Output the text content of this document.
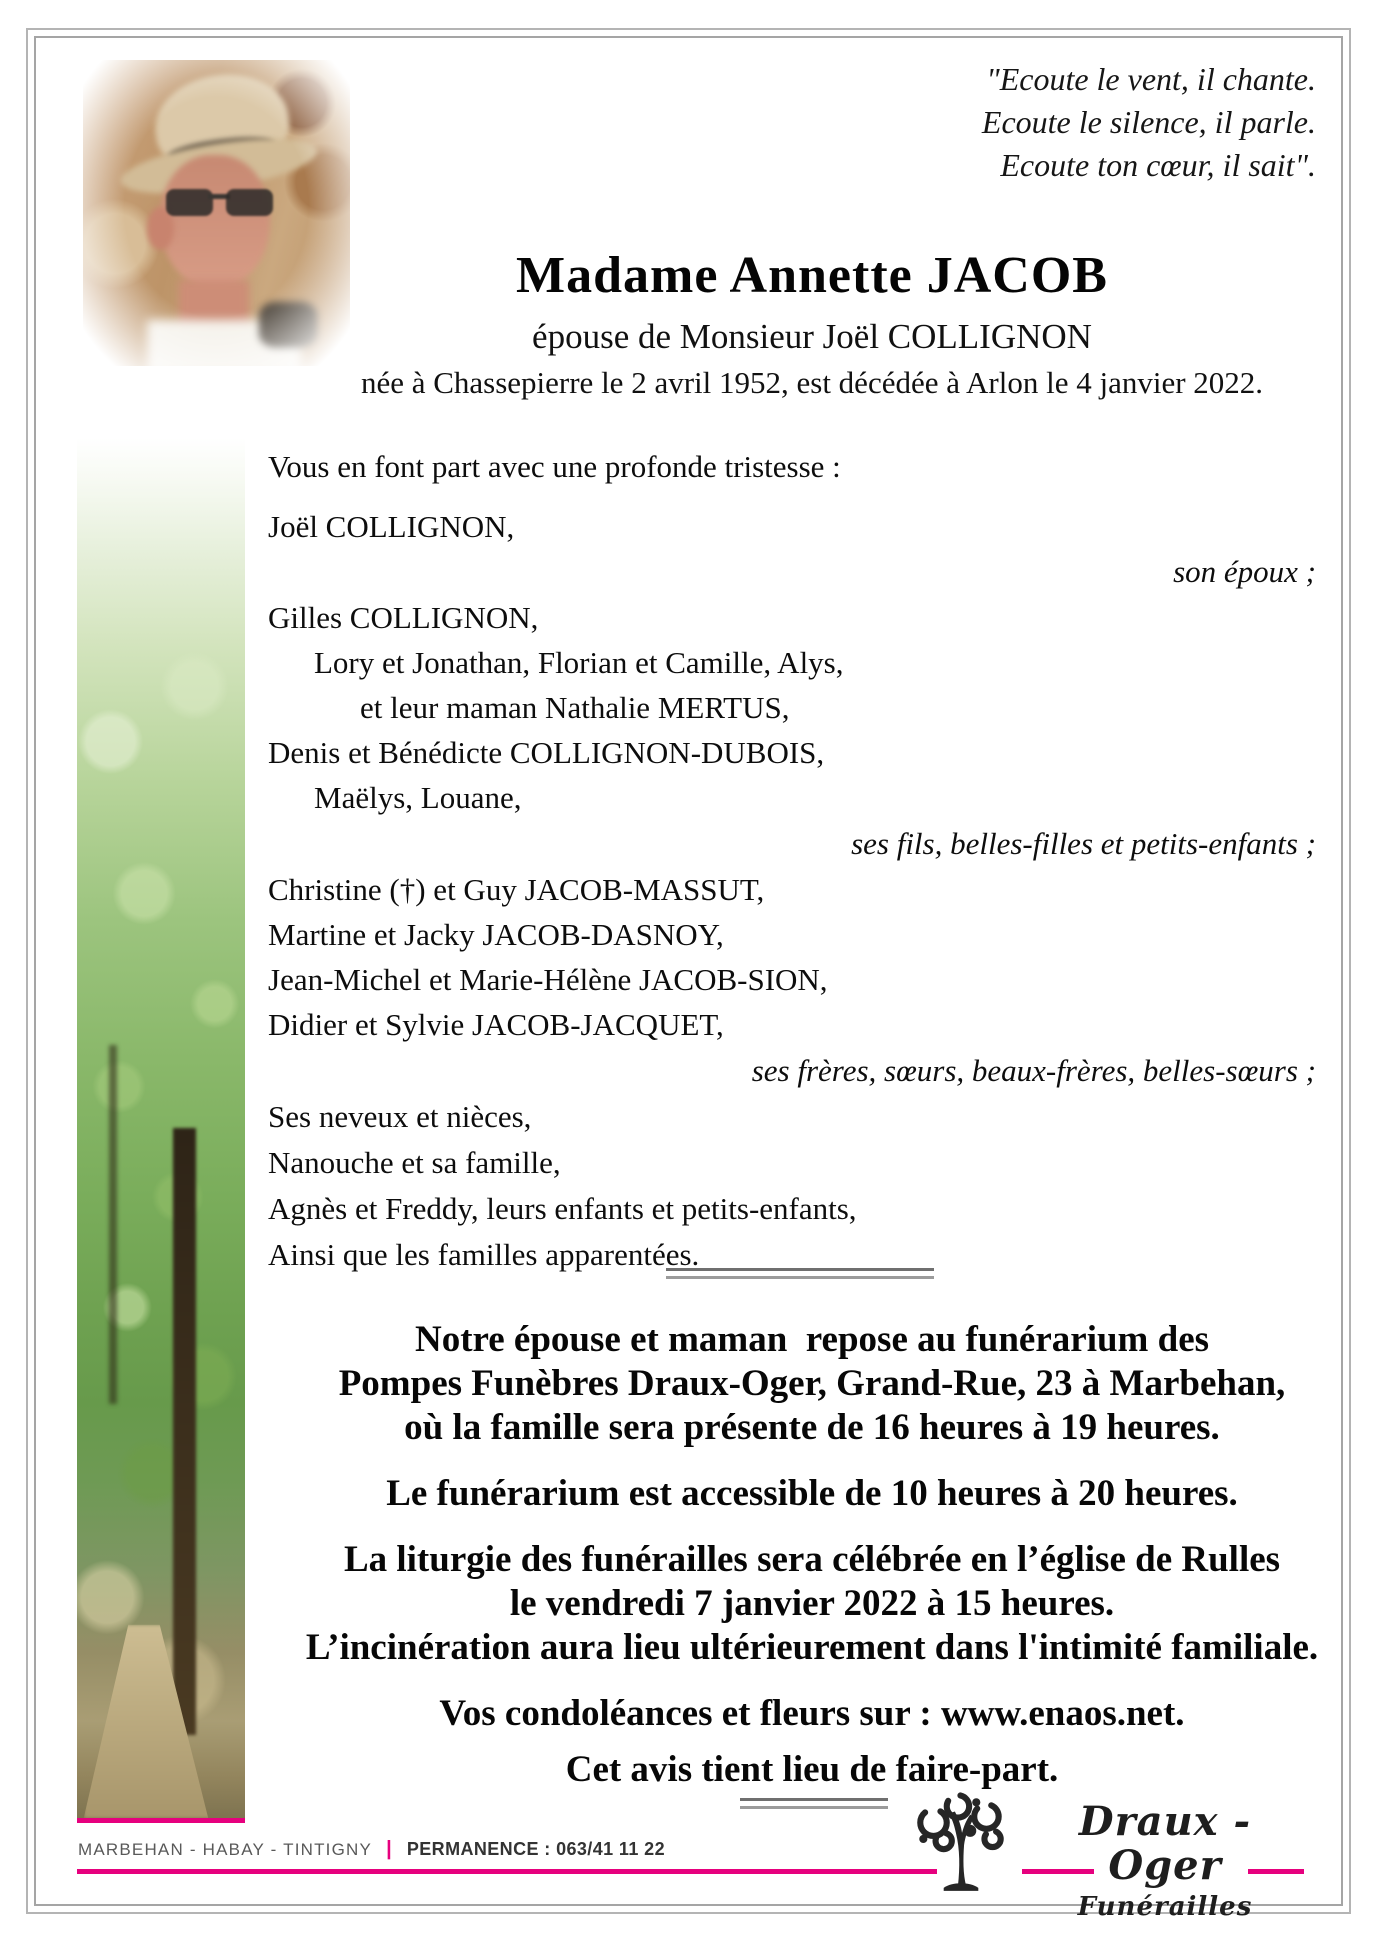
"Ecoute le vent, il chante.
Ecoute le silence, il parle.
Ecoute ton cœur, il sait".
Madame Annette JACOB
épouse de Monsieur Joël COLLIGNON
née à Chassepierre le 2 avril 1952, est décédée à Arlon le 4 janvier 2022.
Vous en font part avec une profonde tristesse :
Joël COLLIGNON,
son époux ;
Gilles COLLIGNON,
Lory et Jonathan, Florian et Camille, Alys,
et leur maman Nathalie MERTUS,
Denis et Bénédicte COLLIGNON-DUBOIS,
Maëlys, Louane,
ses fils, belles-filles et petits-enfants ;
Christine (†) et Guy JACOB-MASSUT,
Martine et Jacky JACOB-DASNOY,
Jean-Michel et Marie-Hélène JACOB-SION,
Didier et Sylvie JACOB-JACQUET,
ses frères, sœurs, beaux-frères, belles-sœurs ;
Ses neveux et nièces,
Nanouche et sa famille,
Agnès et Freddy, leurs enfants et petits-enfants,
Ainsi que les familles apparentées.
Notre épouse et maman  repose au funérarium des
Pompes Funèbres Draux-Oger, Grand-Rue, 23 à Marbehan,
où la famille sera présente de 16 heures à 19 heures.
Le funérarium est accessible de 10 heures à 20 heures.
La liturgie des funérailles sera célébrée en l’église de Rulles
le vendredi 7 janvier 2022 à 15 heures.
L’incinération aura lieu ultérieurement dans l'intimité familiale.
Vos condoléances et fleurs sur : www.enaos.net.
Cet avis tient lieu de faire-part.
Draux - Oger
Funérailles
MARBEHAN - HABAY - TINTIGNY | PERMANENCE : 063/41 11 22
